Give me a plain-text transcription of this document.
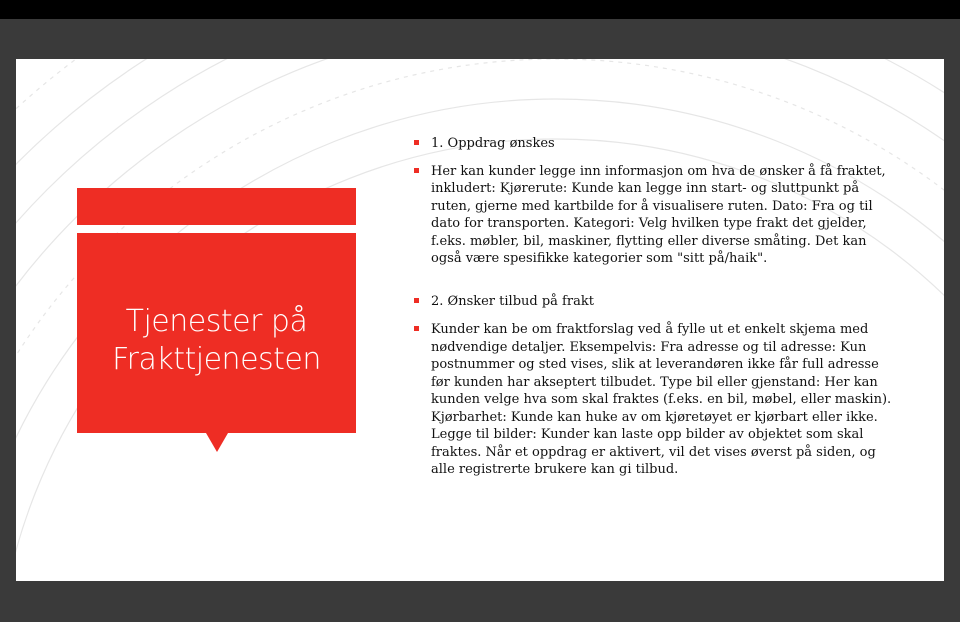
Tjenester på Frakttjenesten

1. Oppdrag ønskes

Her kan kunder legge inn informasjon om hva de ønsker å få fraktet, inkludert: Kjørerute: Kunde kan legge inn start- og sluttpunkt på ruten, gjerne med kartbilde for å visualisere ruten. Dato: Fra og til dato for transporten. Kategori: Velg hvilken type frakt det gjelder, f.eks. møbler, bil, maskiner, flytting eller diverse småting. Det kan også være spesifikke kategorier som "sitt på/haik".

2. Ønsker tilbud på frakt

Kunder kan be om fraktforslag ved å fylle ut et enkelt skjema med nødvendige detaljer. Eksempelvis: Fra adresse og til adresse: Kun postnummer og sted vises, slik at leverandøren ikke får full adresse før kunden har akseptert tilbudet. Type bil eller gjenstand: Her kan kunden velge hva som skal fraktes (f.eks. en bil, møbel, eller maskin). Kjørbarhet: Kunde kan huke av om kjøretøyet er kjørbart eller ikke. Legge til bilder: Kunder kan laste opp bilder av objektet som skal fraktes. Når et oppdrag er aktivert, vil det vises øverst på siden, og alle registrerte brukere kan gi tilbud.
